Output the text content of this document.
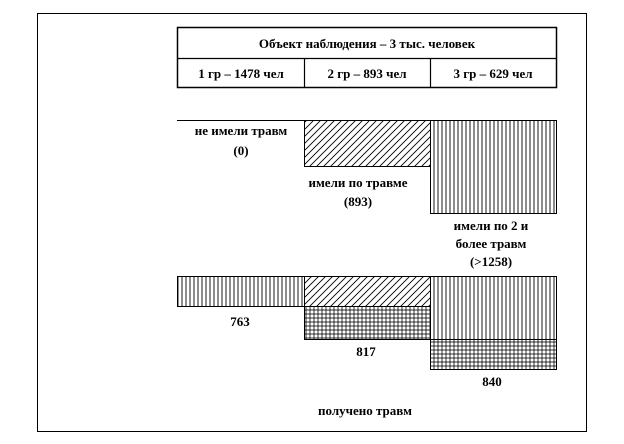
Объект наблюдения – 3 тыс. человек
1 гр – 1478 чел	2 гр – 893 чел	3 гр – 629 чел
не имели травм
(0)
имели по травме
(893)
имели по 2 и
более травм
(>1258)
763
817
840
получено травм
